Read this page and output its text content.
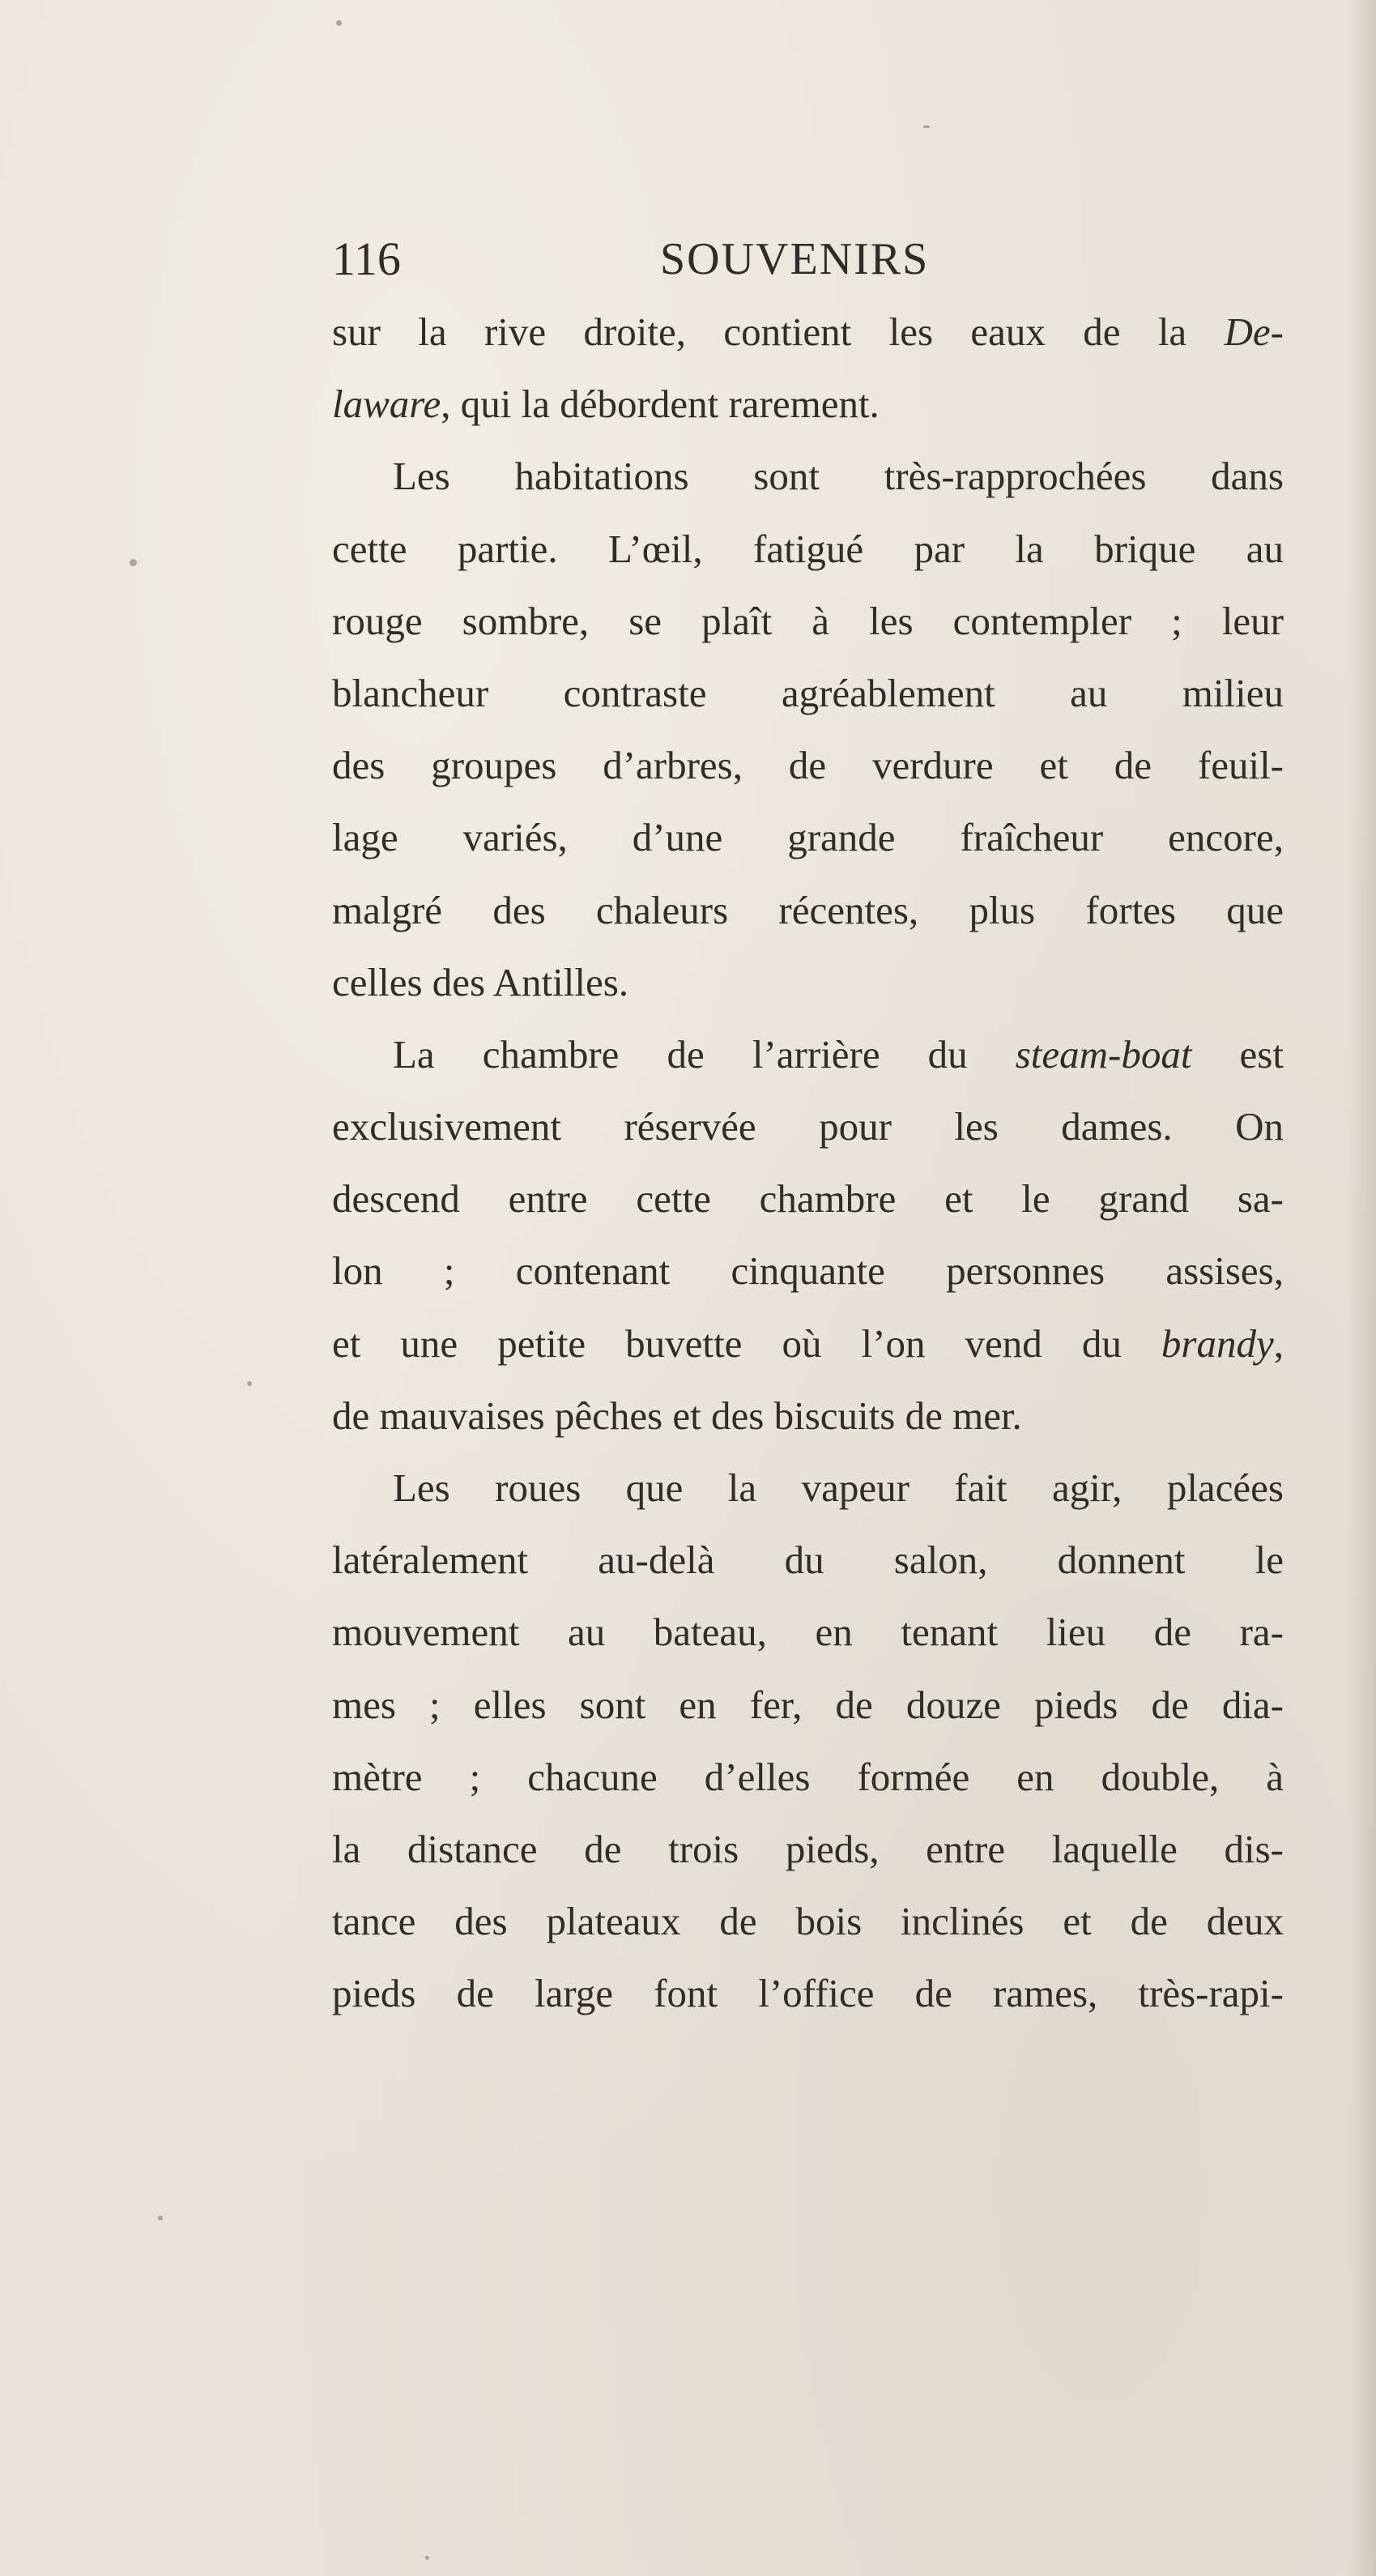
116	SOUVENIRS
sur la rive droite, contient les eaux de la De-
laware, qui la débordent rarement.
Les habitations sont très-rapprochées dans
cette partie. L’œil, fatigué par la brique au
rouge sombre, se plaît à les contempler ; leur
blancheur contraste agréablement au milieu
des groupes d’arbres, de verdure et de feuil-
lage variés, d’une grande fraîcheur encore,
malgré des chaleurs récentes, plus fortes que
celles des Antilles.
La chambre de l’arrière du steam-boat est
exclusivement réservée pour les dames. On
descend entre cette chambre et le grand sa-
lon ; contenant cinquante personnes assises,
et une petite buvette où l’on vend du brandy,
de mauvaises pêches et des biscuits de mer.
Les roues que la vapeur fait agir, placées
latéralement au-delà du salon, donnent le
mouvement au bateau, en tenant lieu de ra-
mes ; elles sont en fer, de douze pieds de dia-
mètre ; chacune d’elles formée en double, à
la distance de trois pieds, entre laquelle dis-
tance des plateaux de bois inclinés et de deux
pieds de large font l’office de rames, très-rapi-
